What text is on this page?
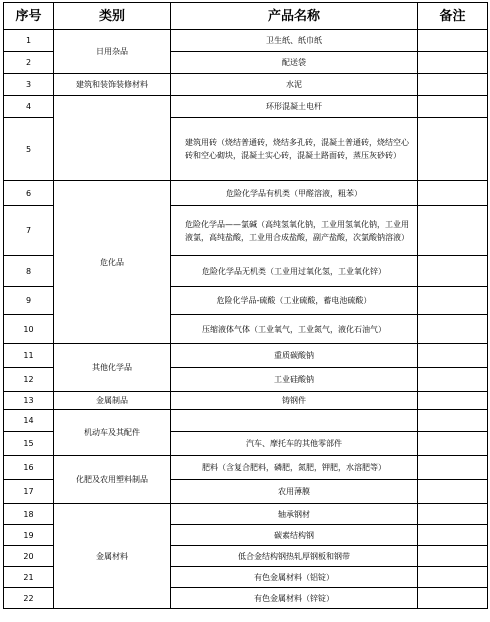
序号	类别	产品名称	备注
1	日用杂品	卫生纸、纸巾纸	
2		配送袋	
3	建筑和装饰装修材料	水泥	
4		环形混凝土电杆	
5		建筑用砖（烧结普通砖，烧结多孔砖，混凝土普通砖，烧结空心砖和空心砌块，混凝土实心砖，混凝土路面砖，蒸压灰砂砖）	
6	危化品	危险化学品有机类（甲醛溶液，粗苯）	
7		危险化学品——氯碱（高纯氢氧化钠，工业用氢氧化钠，工业用液氯，高纯盐酸，工业用合成盐酸，副产盐酸，次氯酸钠溶液）	
8		危险化学品无机类（工业用过氧化氢，工业氧化锌）	
9		危险化学品-硫酸（工业硫酸，蓄电池硫酸）	
10		压缩液体气体（工业氧气，工业氮气，液化石油气）	
11	其他化学品	重质碳酸钠	
12		工业硅酸钠	
13	金属制品	铸钢件	
14	机动车及其配件		
15		汽车、摩托车的其他零部件	
16	化肥及农用塑料制品	肥料（含复合肥料，磷肥，氮肥，钾肥，水溶肥等）	
17		农用薄膜	
18	金属材料	轴承钢材	
19		碳素结构钢	
20		低合金结构钢热轧厚钢板和钢带	
21		有色金属材料（铝锭）	
22		有色金属材料（锌锭）	
